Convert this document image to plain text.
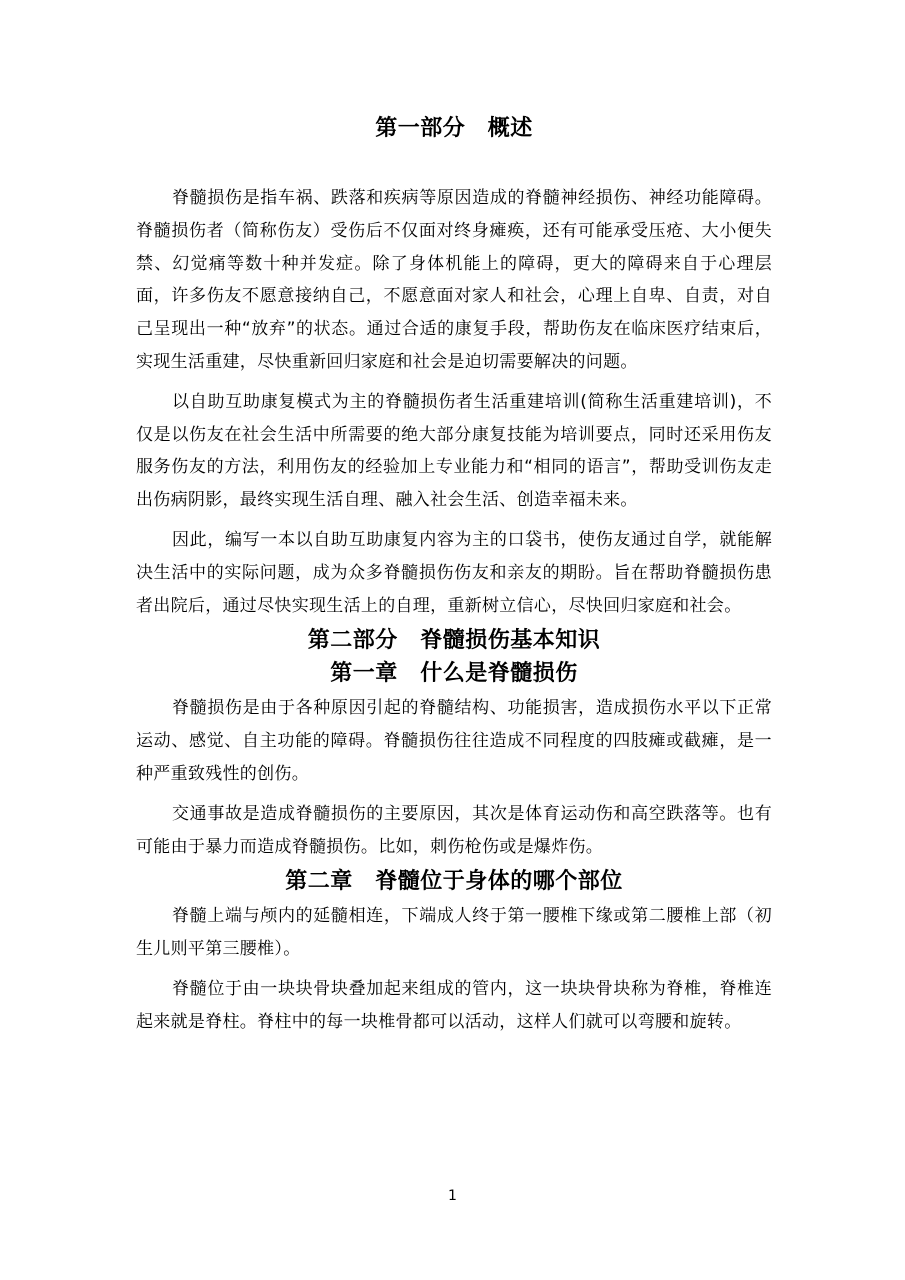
第一部分　概述

脊髓损伤是指车祸、跌落和疾病等原因造成的脊髓神经损伤、神经功能障碍。脊髓损伤者（简称伤友）受伤后不仅面对终身瘫痪，还有可能承受压疮、大小便失禁、幻觉痛等数十种并发症。除了身体机能上的障碍，更大的障碍来自于心理层面，许多伤友不愿意接纳自己，不愿意面对家人和社会，心理上自卑、自责，对自己呈现出一种“放弃”的状态。通过合适的康复手段，帮助伤友在临床医疗结束后，实现生活重建，尽快重新回归家庭和社会是迫切需要解决的问题。

以自助互助康复模式为主的脊髓损伤者生活重建培训(简称生活重建培训)，不仅是以伤友在社会生活中所需要的绝大部分康复技能为培训要点，同时还采用伤友服务伤友的方法，利用伤友的经验加上专业能力和“相同的语言”，帮助受训伤友走出伤病阴影，最终实现生活自理、融入社会生活、创造幸福未来。

因此，编写一本以自助互助康复内容为主的口袋书，使伤友通过自学，就能解决生活中的实际问题，成为众多脊髓损伤伤友和亲友的期盼。旨在帮助脊髓损伤患者出院后，通过尽快实现生活上的自理，重新树立信心，尽快回归家庭和社会。

第二部分　脊髓损伤基本知识
第一章　什么是脊髓损伤

脊髓损伤是由于各种原因引起的脊髓结构、功能损害，造成损伤水平以下正常运动、感觉、自主功能的障碍。脊髓损伤往往造成不同程度的四肢瘫或截瘫，是一种严重致残性的创伤。

交通事故是造成脊髓损伤的主要原因，其次是体育运动伤和高空跌落等。也有可能由于暴力而造成脊髓损伤。比如，刺伤枪伤或是爆炸伤。

第二章　脊髓位于身体的哪个部位

脊髓上端与颅内的延髓相连，下端成人终于第一腰椎下缘或第二腰椎上部（初生儿则平第三腰椎）。

脊髓位于由一块块骨块叠加起来组成的管内，这一块块骨块称为脊椎，脊椎连起来就是脊柱。脊柱中的每一块椎骨都可以活动，这样人们就可以弯腰和旋转。

1
